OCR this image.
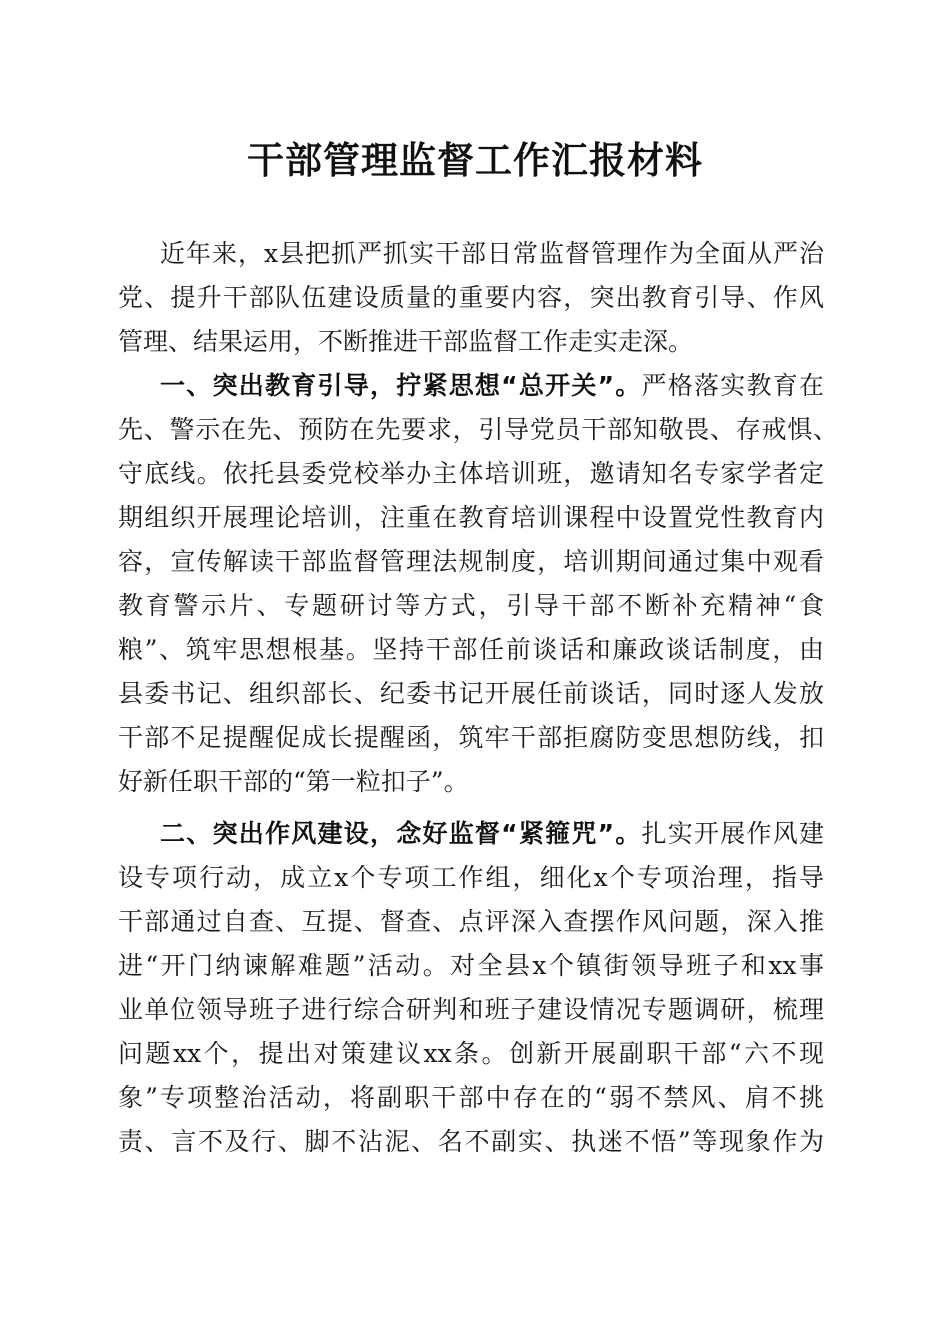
干部管理监督工作汇报材料
近年来，x县把抓严抓实干部日常监督管理作为全面从严治
党、提升干部队伍建设质量的重要内容，突出教育引导、作风
管理、结果运用，不断推进干部监督工作走实走深。
一、突出教育引导，拧紧思想“总开关”。严格落实教育在
先、警示在先、预防在先要求，引导党员干部知敬畏、存戒惧、
守底线。依托县委党校举办主体培训班，邀请知名专家学者定
期组织开展理论培训，注重在教育培训课程中设置党性教育内
容，宣传解读干部监督管理法规制度，培训期间通过集中观看
教育警示片、专题研讨等方式，引导干部不断补充精神“食
粮”、筑牢思想根基。坚持干部任前谈话和廉政谈话制度，由
县委书记、组织部长、纪委书记开展任前谈话，同时逐人发放
干部不足提醒促成长提醒函，筑牢干部拒腐防变思想防线，扣
好新任职干部的“第一粒扣子”。
二、突出作风建设，念好监督“紧箍咒”。扎实开展作风建
设专项行动，成立x个专项工作组，细化x个专项治理，指导
干部通过自查、互提、督查、点评深入查摆作风问题，深入推
进“开门纳谏解难题”活动。对全县x个镇街领导班子和xx事
业单位领导班子进行综合研判和班子建设情况专题调研，梳理
问题xx个，提出对策建议xx条。创新开展副职干部“六不现
象”专项整治活动，将副职干部中存在的“弱不禁风、肩不挑
责、言不及行、脚不沾泥、名不副实、执迷不悟”等现象作为
